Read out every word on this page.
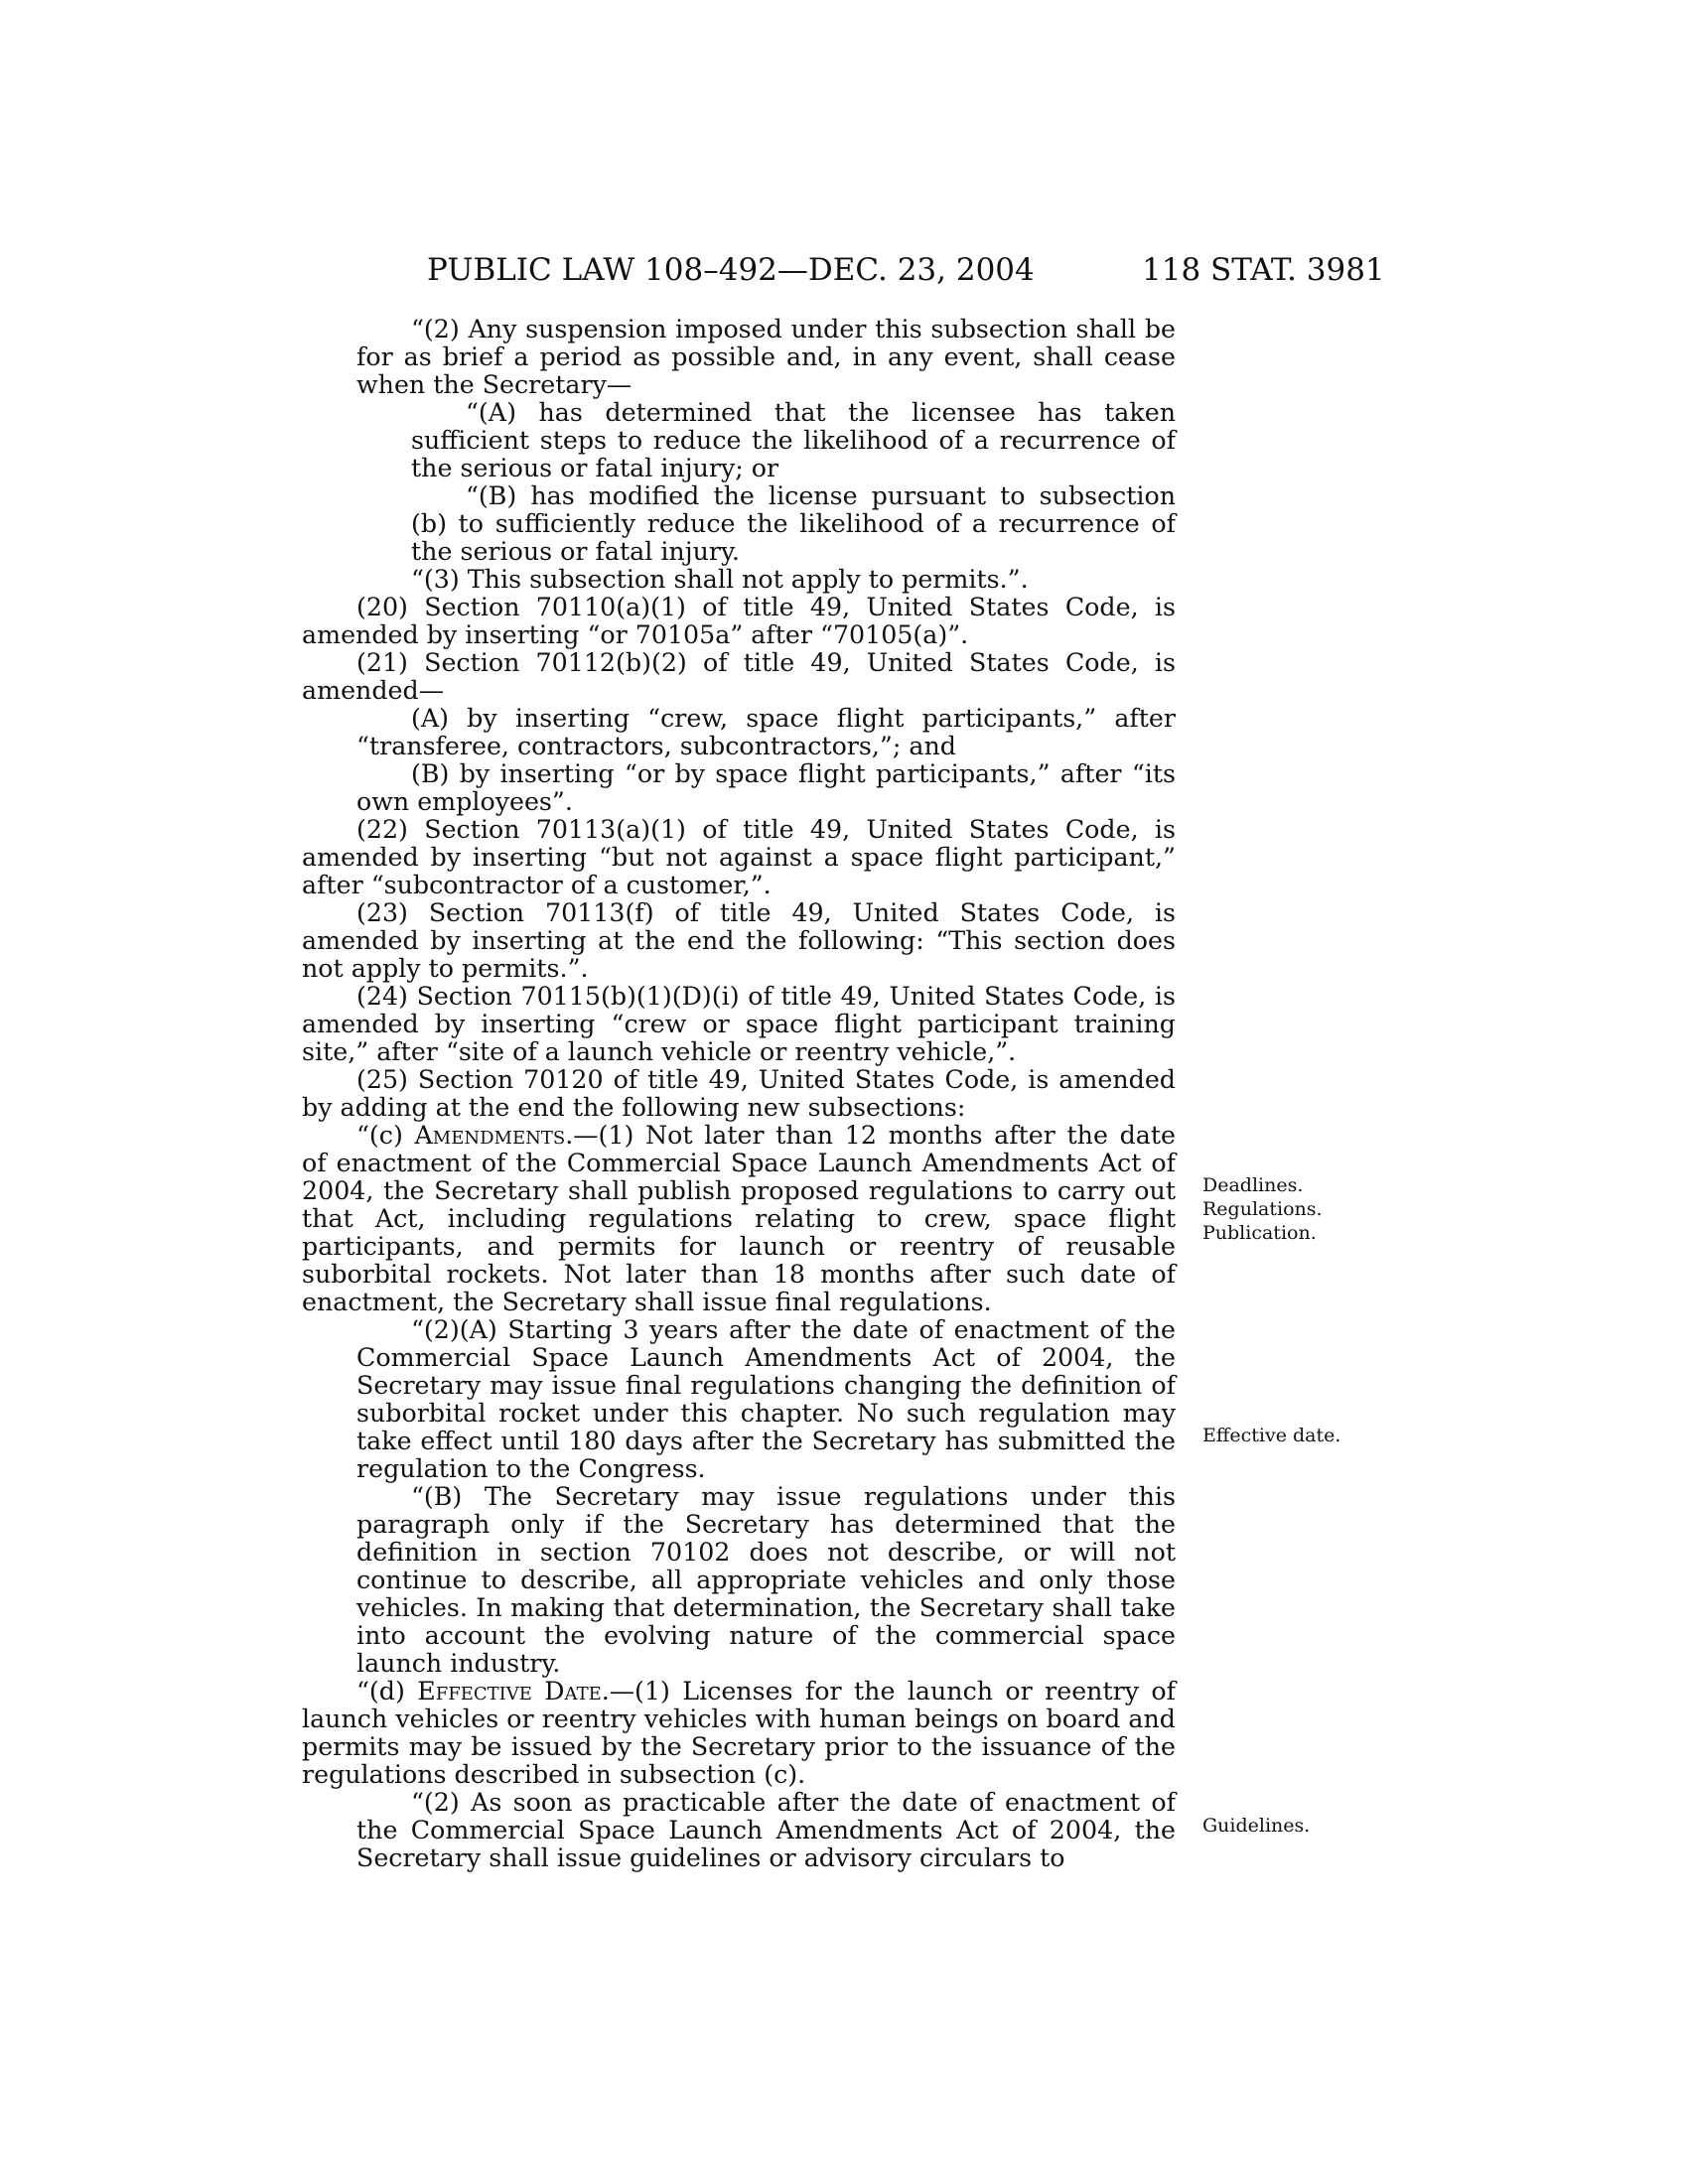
PUBLIC LAW 108–492—DEC. 23, 2004	118 STAT. 3981

“(2) Any suspension imposed under this subsection shall be for as brief a period as possible and, in any event, shall cease when the Secretary—

“(A) has determined that the licensee has taken sufficient steps to reduce the likelihood of a recurrence of the serious or fatal injury; or

“(B) has modified the license pursuant to subsection (b) to sufficiently reduce the likelihood of a recurrence of the serious or fatal injury.

“(3) This subsection shall not apply to permits.”.

(20) Section 70110(a)(1) of title 49, United States Code, is amended by inserting “or 70105a” after “70105(a)”.

(21) Section 70112(b)(2) of title 49, United States Code, is amended—

(A) by inserting “crew, space flight participants,” after “transferee, contractors, subcontractors,”; and

(B) by inserting “or by space flight participants,” after “its own employees”.

(22) Section 70113(a)(1) of title 49, United States Code, is amended by inserting “but not against a space flight participant,” after “subcontractor of a customer,”.

(23) Section 70113(f) of title 49, United States Code, is amended by inserting at the end the following: “This section does not apply to permits.”.

(24) Section 70115(b)(1)(D)(i) of title 49, United States Code, is amended by inserting “crew or space flight participant training site,” after “site of a launch vehicle or reentry vehicle,”.

(25) Section 70120 of title 49, United States Code, is amended by adding at the end the following new subsections:

“(c) Amendments.—(1) Not later than 12 months after the date of enactment of the Commercial Space Launch Amendments Act of 2004, the Secretary shall publish proposed regulations to carry out that Act, including regulations relating to crew, space flight participants, and permits for launch or reentry of reusable suborbital rockets. Not later than 18 months after such date of enactment, the Secretary shall issue final regulations.

“(2)(A) Starting 3 years after the date of enactment of the Commercial Space Launch Amendments Act of 2004, the Secretary may issue final regulations changing the definition of suborbital rocket under this chapter. No such regulation may take effect until 180 days after the Secretary has submitted the regulation to the Congress.

“(B) The Secretary may issue regulations under this paragraph only if the Secretary has determined that the definition in section 70102 does not describe, or will not continue to describe, all appropriate vehicles and only those vehicles. In making that determination, the Secretary shall take into account the evolving nature of the commercial space launch industry.

“(d) Effective Date.—(1) Licenses for the launch or reentry of launch vehicles or reentry vehicles with human beings on board and permits may be issued by the Secretary prior to the issuance of the regulations described in subsection (c).

“(2) As soon as practicable after the date of enactment of the Commercial Space Launch Amendments Act of 2004, the Secretary shall issue guidelines or advisory circulars to

Deadlines.
Regulations.
Publication.
Effective date.
Guidelines.
